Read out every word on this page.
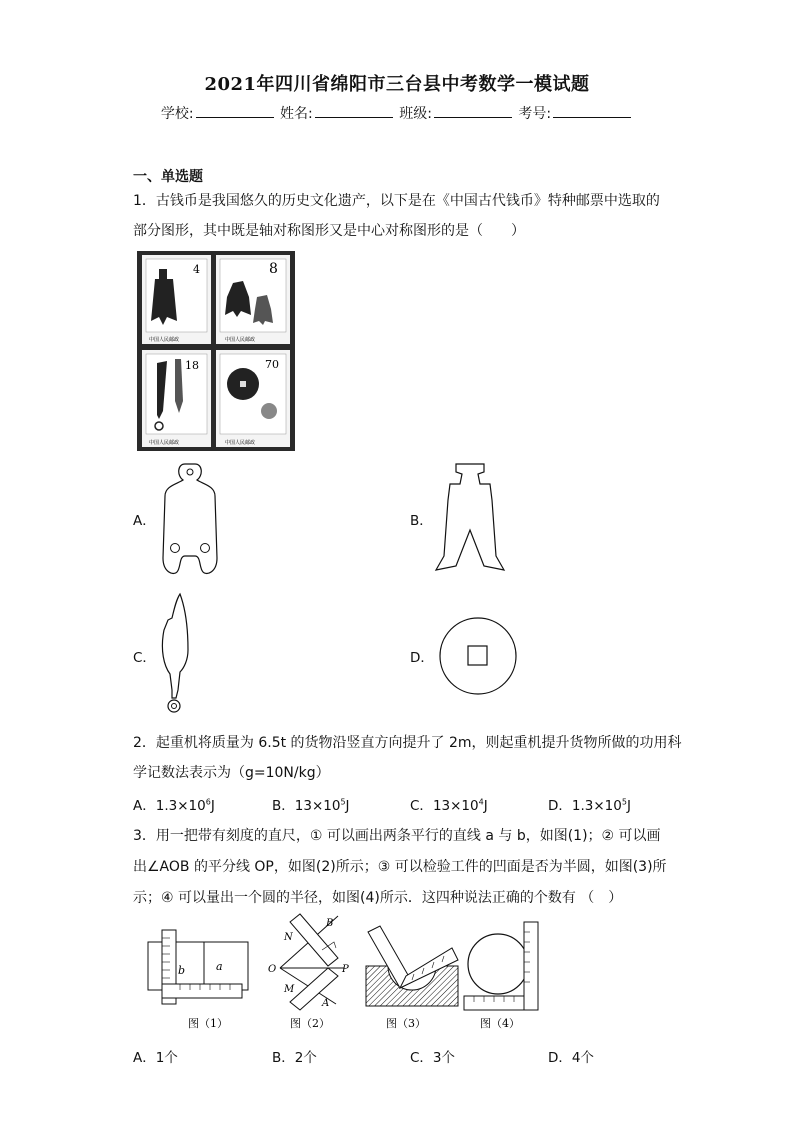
2021年四川省绵阳市三台县中考数学一模试题
学校:	姓名:	班级:	考号:
一、单选题
1．古钱币是我国悠久的历史文化遗产，以下是在《中国古代钱币》特种邮票中选取的
部分图形，其中既是轴对称图形又是中心对称图形的是（　　）
4
中国人民邮政
8
中国人民邮政
18
中国人民邮政
70
中国人民邮政
A．	B．
C．	D．
2．起重机将质量为 6.5t 的货物沿竖直方向提升了 2m，则起重机提升货物所做的功用科
学记数法表示为（g=10N/kg）
A．$1.3\times 10^6J$	B．$13\times 10^5J$	C．$13\times 10^4J$	D．$1.3\times 10^5J$
3．用一把带有刻度的直尺，① 可以画出两条平行的直线 a 与 b，如图(1)；② 可以画
出∠AOB 的平分线 OP，如图(2)所示；③ 可以检验工件的凹面是否为半圆，如图(3)所
示；④ 可以量出一个圆的半径，如图(4)所示．这四种说法正确的个数有 （　）
b	a
图（1）
O
N
B
M
A
P
图（2）	图（3）	图（4）
A．1个	B．2个	C．3个	D．4个
